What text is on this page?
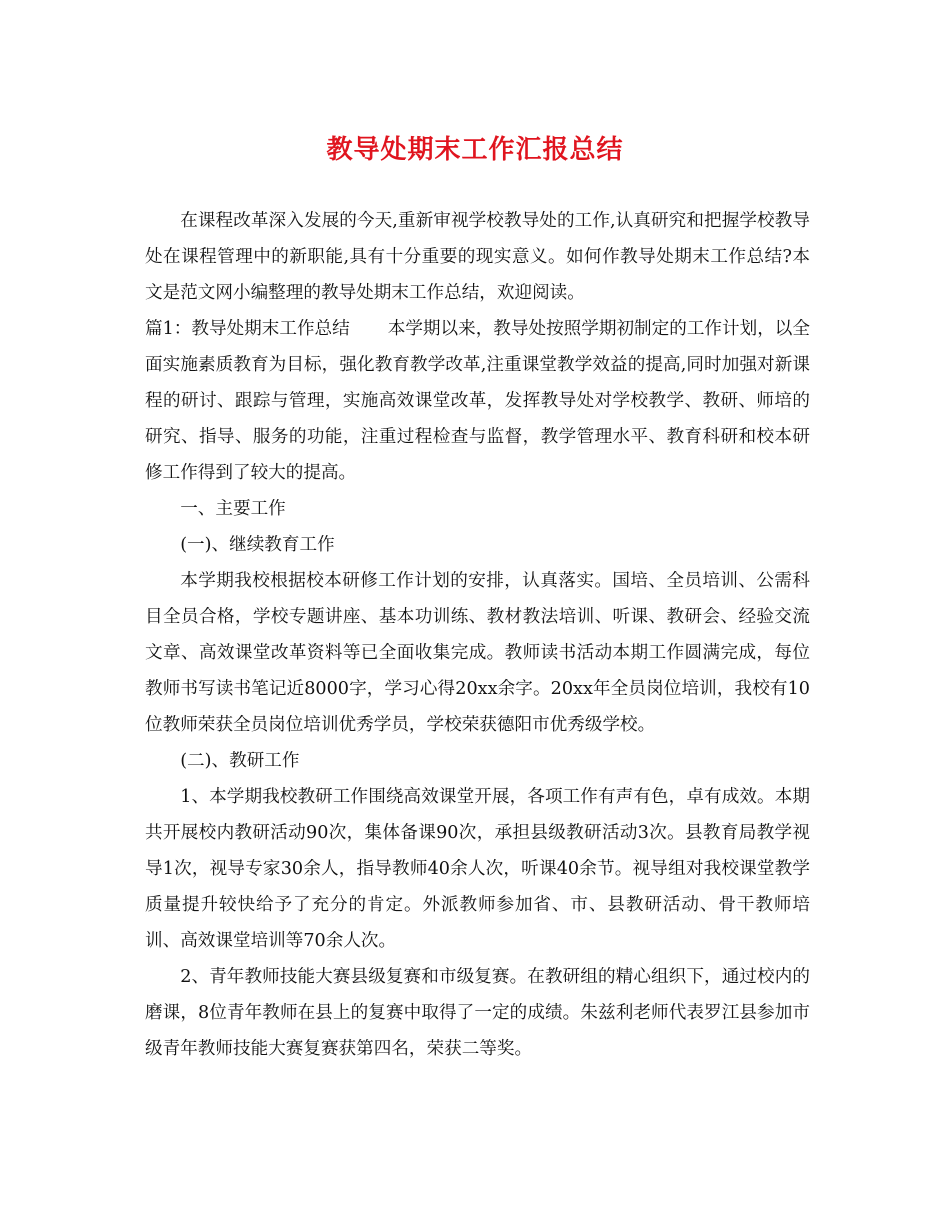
教导处期末工作汇报总结

在课程改革深入发展的今天,重新审视学校教导处的工作,认真研究和把握学校教导处在课程管理中的新职能,具有十分重要的现实意义。如何作教导处期末工作总结?本文是范文网小编整理的教导处期末工作总结，欢迎阅读。

篇1：教导处期末工作总结 本学期以来，教导处按照学期初制定的工作计划，以全面实施素质教育为目标，强化教育教学改革,注重课堂教学效益的提高,同时加强对新课程的研讨、跟踪与管理，实施高效课堂改革，发挥教导处对学校教学、教研、师培的研究、指导、服务的功能，注重过程检查与监督，教学管理水平、教育科研和校本研修工作得到了较大的提高。

一、主要工作

(一)、继续教育工作

本学期我校根据校本研修工作计划的安排，认真落实。国培、全员培训、公需科目全员合格，学校专题讲座、基本功训练、教材教法培训、听课、教研会、经验交流文章、高效课堂改革资料等已全面收集完成。教师读书活动本期工作圆满完成，每位教师书写读书笔记近8000字，学习心得20xx余字。20xx年全员岗位培训，我校有10位教师荣获全员岗位培训优秀学员，学校荣获德阳市优秀级学校。

(二)、教研工作

1、本学期我校教研工作围绕高效课堂开展，各项工作有声有色，卓有成效。本期共开展校内教研活动90次，集体备课90次，承担县级教研活动3次。县教育局教学视导1次，视导专家30余人，指导教师40余人次，听课40余节。视导组对我校课堂教学质量提升较快给予了充分的肯定。外派教师参加省、市、县教研活动、骨干教师培训、高效课堂培训等70余人次。

2、青年教师技能大赛县级复赛和市级复赛。在教研组的精心组织下，通过校内的磨课，8位青年教师在县上的复赛中取得了一定的成绩。朱兹利老师代表罗江县参加市级青年教师技能大赛复赛获第四名，荣获二等奖。
